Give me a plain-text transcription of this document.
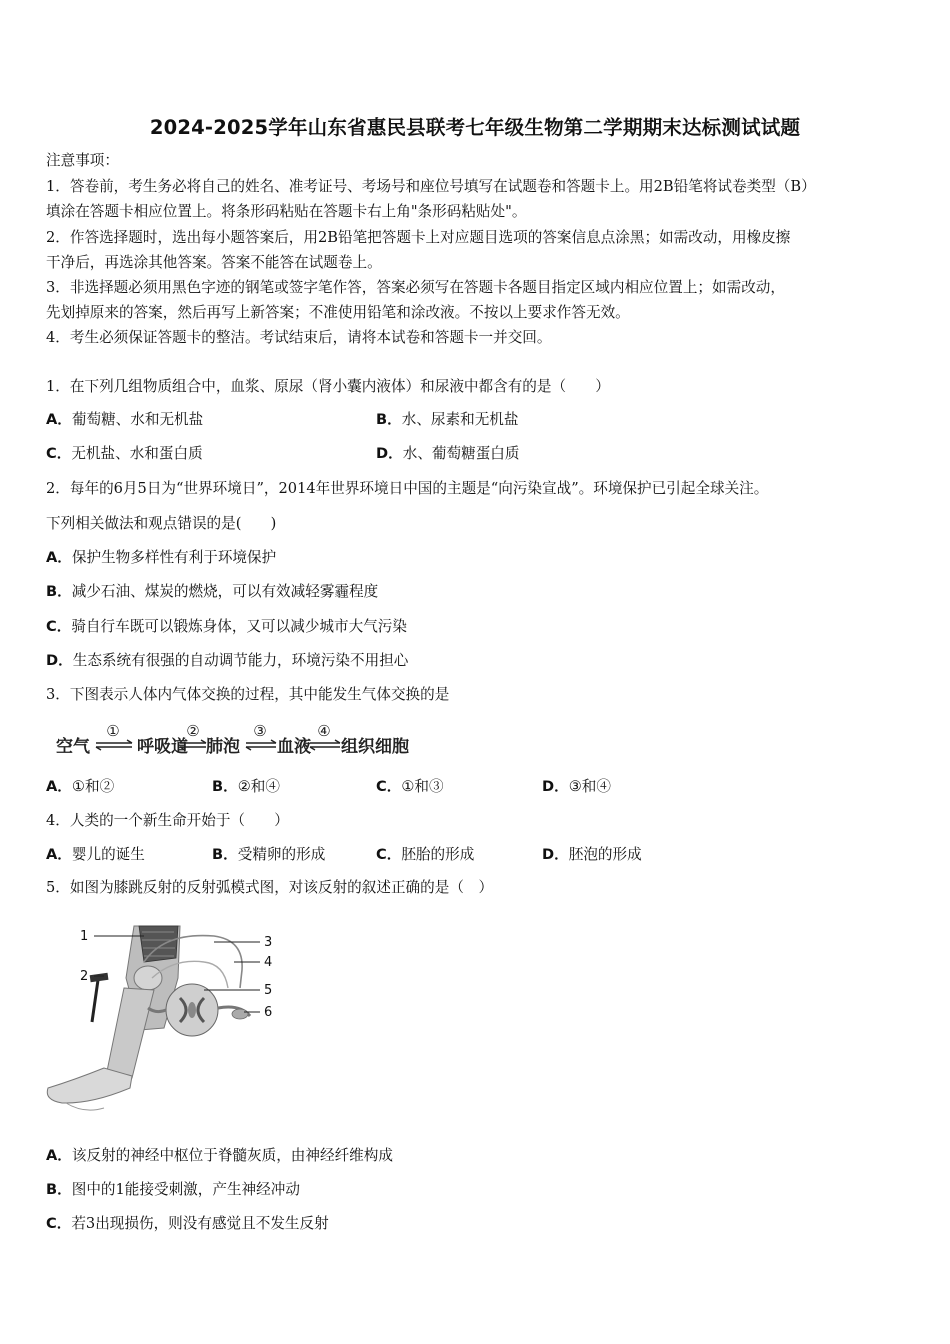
2024-2025学年山东省惠民县联考七年级生物第二学期期末达标测试试题
注意事项：
1．答卷前，考生务必将自己的姓名、准考证号、考场号和座位号填写在试题卷和答题卡上。用2B铅笔将试卷类型（B）
填涂在答题卡相应位置上。将条形码粘贴在答题卡右上角"条形码粘贴处"。
2．作答选择题时，选出每小题答案后，用2B铅笔把答题卡上对应题目选项的答案信息点涂黑；如需改动，用橡皮擦
干净后，再选涂其他答案。答案不能答在试题卷上。
3．非选择题必须用黑色字迹的钢笔或签字笔作答，答案必须写在答题卡各题目指定区域内相应位置上；如需改动，
先划掉原来的答案，然后再写上新答案；不准使用铅笔和涂改液。不按以上要求作答无效。
4．考生必须保证答题卡的整洁。考试结束后，请将本试卷和答题卡一并交回。
1．在下列几组物质组合中，血浆、原尿（肾小囊内液体）和尿液中都含有的是（　　）
A．葡萄糖、水和无机盐	B．水、尿素和无机盐
C．无机盐、水和蛋白质	D．水、葡萄糖蛋白质
2．每年的6月5日为“世界环境日”，2014年世界环境日中国的主题是“向污染宣战”。环境保护已引起全球关注。
下列相关做法和观点错误的是(　　)
A．保护生物多样性有利于环境保护
B．减少石油、煤炭的燃烧，可以有效减轻雾霾程度
C．骑自行车既可以锻炼身体，又可以减少城市大气污染
D．生态系统有很强的自动调节能力，环境污染不用担心
3．下图表示人体内气体交换的过程，其中能发生气体交换的是
空气	呼吸道 肺泡 血液 组织细胞
①	②	③	④
A．①和②	B．②和④	C．①和③	D．③和④
4．人类的一个新生命开始于（　　）
A．婴儿的诞生	B．受精卵的形成	C．胚胎的形成	D．胚泡的形成
5．如图为膝跳反射的反射弧模式图，对该反射的叙述正确的是（　）
1
2
3
4
5
6
A．该反射的神经中枢位于脊髓灰质，由神经纤维构成
B．图中的1能接受刺激，产生神经冲动
C．若3出现损伤，则没有感觉且不发生反射
